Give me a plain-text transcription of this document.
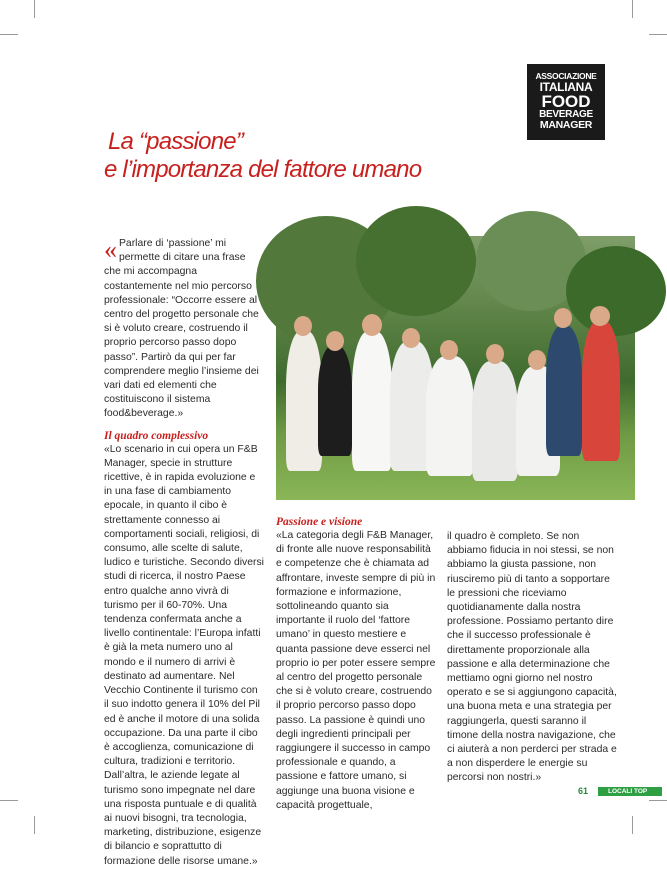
ASSOCIAZIONE
ITALIANA
FOOD
BEVERAGE
MANAGER
La “passione”
e l’importanza del fattore umano

« Parlare di ‘passione’ mi permette di citare una frase che mi accompagna costantemente nel mio percorso professionale: “Occorre essere al centro del progetto personale che si è voluto creare, costruendo il proprio percorso passo dopo passo”. Partirò da qui per far comprendere meglio l’insieme dei vari dati ed elementi che costituiscono il sistema food&beverage.»

Il quadro complessivo

«Lo scenario in cui opera un F&B Manager, specie in strutture ricettive, è in rapida evoluzione e in una fase di cambiamento epocale, in quanto il cibo è strettamente connesso ai comportamenti sociali, religiosi, di consumo, alle scelte di salute, ludico e turistiche. Secondo diversi studi di ricerca, il nostro Paese entro qualche anno vivrà di turismo per il 60-70%. Una tendenza confermata anche a livello continentale: l’Europa infatti è già la meta numero uno al mondo e il numero di arrivi è destinato ad aumentare. Nel Vecchio Continente il turismo con il suo indotto genera il 10% del Pil ed è anche il motore di una solida occupazione. Da una parte il cibo è accoglienza, comunicazione di cultura, tradizioni e territorio. Dall’altra, le aziende legate al turismo sono impegnate nel dare una risposta puntuale e di qualità ai nuovi bisogni, tra tecnologia, marketing, distribuzione, esigenze di bilancio e soprattutto di formazione delle risorse umane.»

Passione e visione

«La categoria degli F&B Manager, di fronte alle nuove responsabilità e competenze che è chiamata ad affrontare, investe sempre di più in formazione e informazione, sottolineando quanto sia importante il ruolo del ‘fattore umano’ in questo mestiere e quanta passione deve esserci nel proprio io per poter essere sempre al centro del progetto personale che si è voluto creare, costruendo il proprio percorso passo dopo passo. La passione è quindi uno degli ingredienti principali per raggiungere il successo in campo professionale e quando, a passione e fattore umano, si aggiunge una buona visione e capacità progettuale,

il quadro è completo. Se non abbiamo fiducia in noi stessi, se non abbiamo la giusta passione, non riusciremo più di tanto a sopportare le pressioni che riceviamo quotidianamente dalla nostra professione. Possiamo pertanto dire che il successo professionale è direttamente proporzionale alla passione e alla determinazione che mettiamo ogni giorno nel nostro operato e se si aggiungono capacità, una buona meta e una strategia per raggiungerla, questi saranno il timone della nostra navigazione, che ci aiuterà a non perderci per strada e a non disperdere le energie su percorsi non nostri.»

61	LOCALI TOP
